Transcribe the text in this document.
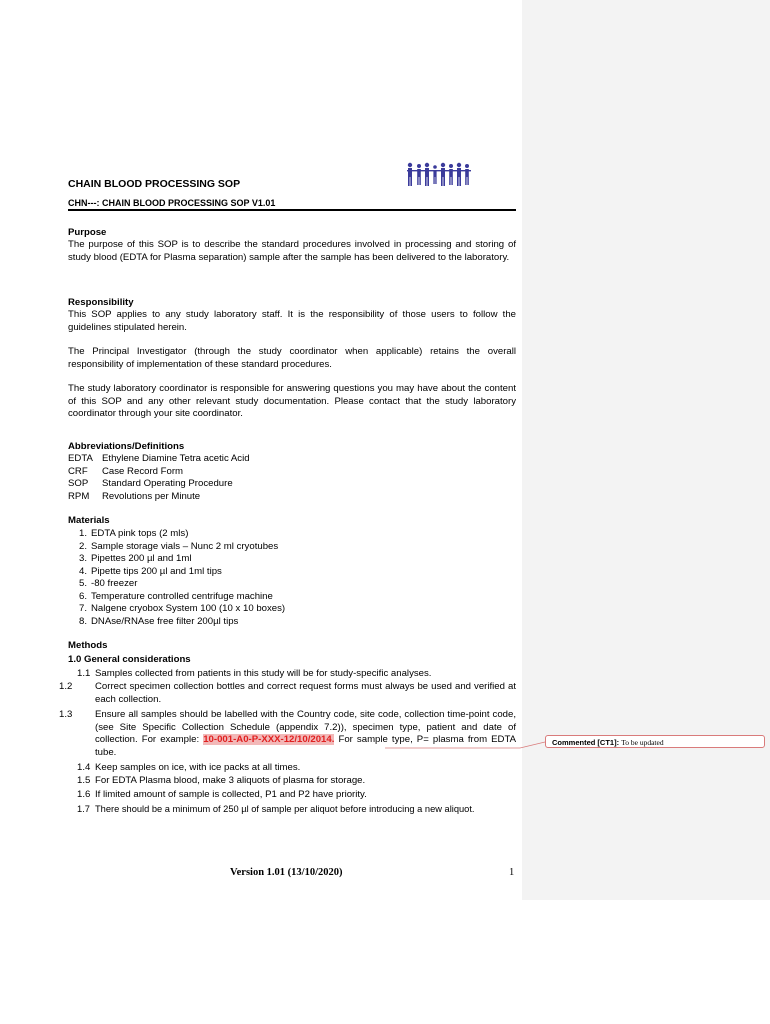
CHAIN BLOOD PROCESSING SOP
CHN---: CHAIN BLOOD PROCESSING SOP V1.01
Purpose
The purpose of this SOP is to describe the standard procedures involved in processing and storing of study blood (EDTA for Plasma separation) sample after the sample has been delivered to the laboratory.
Responsibility
This SOP applies to any study laboratory staff. It is the responsibility of those users to follow the guidelines stipulated herein.
The Principal Investigator (through the study coordinator when applicable) retains the overall responsibility of implementation of these standard procedures.
The study laboratory coordinator is responsible for answering questions you may have about the content of this SOP and any other relevant study documentation. Please contact that the study laboratory coordinator through your site coordinator.
Abbreviations/Definitions
EDTA Ethylene Diamine Tetra acetic Acid
CRF Case Record Form
SOP Standard Operating Procedure
RPM Revolutions per Minute
Materials
1. EDTA pink tops (2 mls)
2. Sample storage vials – Nunc 2 ml cryotubes
3. Pipettes 200 µl and 1ml
4. Pipette tips 200 µl and 1ml tips
5. -80 freezer
6. Temperature controlled centrifuge machine
7. Nalgene cryobox System 100 (10 x 10 boxes)
8. DNAse/RNAse free filter 200µl tips
Methods
1.0 General considerations
1.1 Samples collected from patients in this study will be for study-specific analyses.
1.2 Correct specimen collection bottles and correct request forms must always be used and verified at each collection.
1.3 Ensure all samples should be labelled with the Country code, site code, collection time-point code, (see Site Specific Collection Schedule (appendix 7.2)), specimen type, patient and date of collection. For example: 10-001-A0-P-XXX-12/10/2014. For sample type, P= plasma from EDTA tube.
1.4 Keep samples on ice, with ice packs at all times.
1.5 For EDTA Plasma blood, make 3 aliquots of plasma for storage.
1.6 If limited amount of sample is collected, P1 and P2 have priority.
1.7 There should be a minimum of 250 µl of sample per aliquot before introducing a new aliquot.
Version 1.01 (13/10/2020)	1
Commented [CT1]: To be updated
